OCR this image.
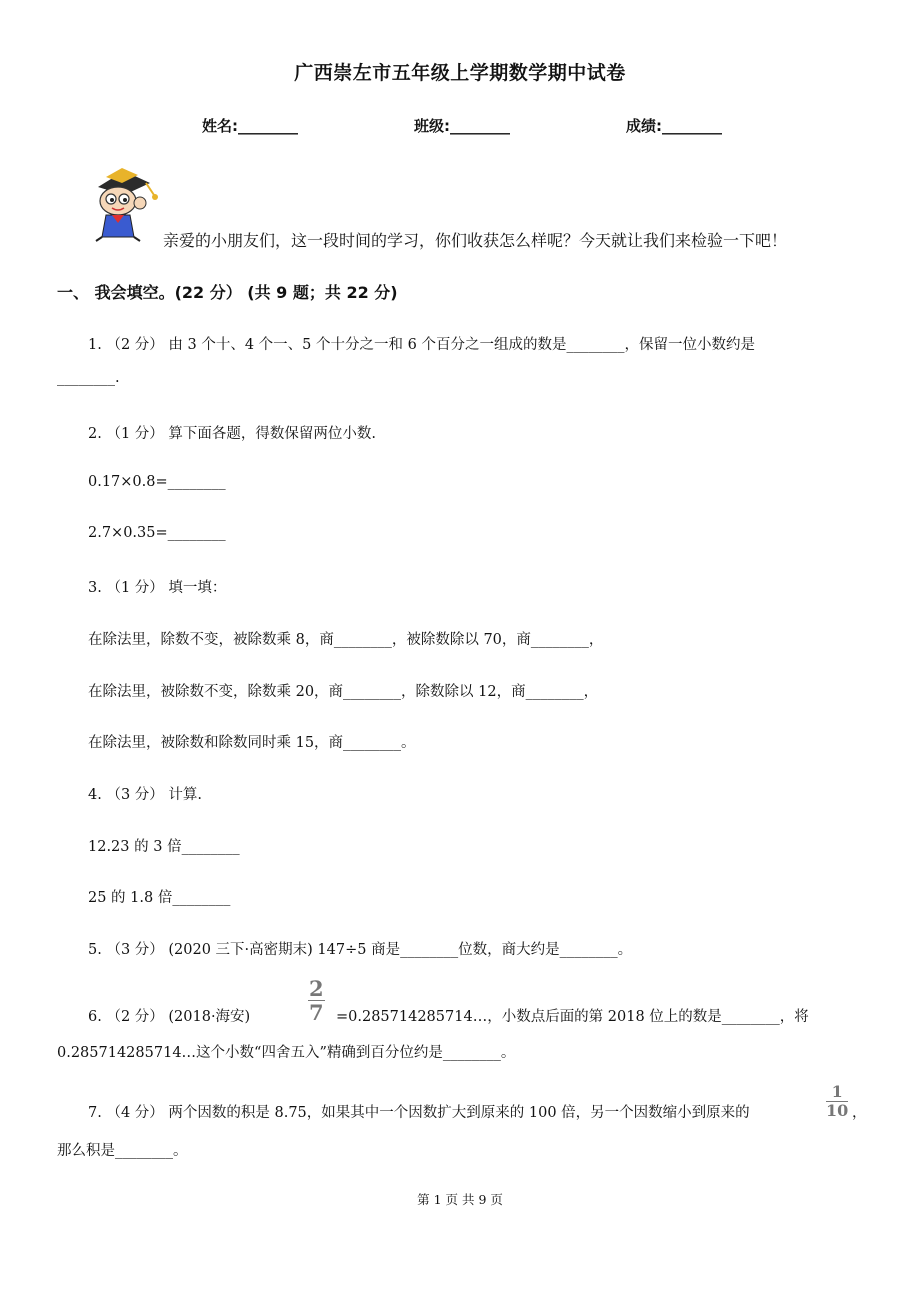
广西崇左市五年级上学期数学期中试卷
姓名:________	班级:________	成绩:________
亲爱的小朋友们，这一段时间的学习，你们收获怎么样呢？今天就让我们来检验一下吧！
一、 我会填空。(22 分） (共 9 题；共 22 分)
1. （2 分） 由 3 个十、4 个一、5 个十分之一和 6 个百分之一组成的数是________，保留一位小数约是
________.
2. （1 分） 算下面各题，得数保留两位小数.
0.17×0.8=________
2.7×0.35=________
3. （1 分） 填一填：
在除法里，除数不变，被除数乘 8，商________，被除数除以 70，商________，
在除法里，被除数不变，除数乘 20，商________，除数除以 12，商________，
在除法里，被除数和除数同时乘 15，商________。
4. （3 分） 计算.
12.23 的 3 倍________
25 的 1.8 倍________
5. （3 分） (2020 三下·高密期末) 147÷5 商是________位数，商大约是________。
6. （2 分） (2018·海安)	$\frac{2}{7}$ =0.285714285714…，小数点后面的第 2018 位上的数是________，将
0.285714285714…这个小数“四舍五入”精确到百分位约是________。
7. （4 分） 两个因数的积是 8.75，如果其中一个因数扩大到原来的 100 倍，另一个因数缩小到原来的	$\frac{1}{10}$ ，
那么积是________。
第 1 页 共 9 页
